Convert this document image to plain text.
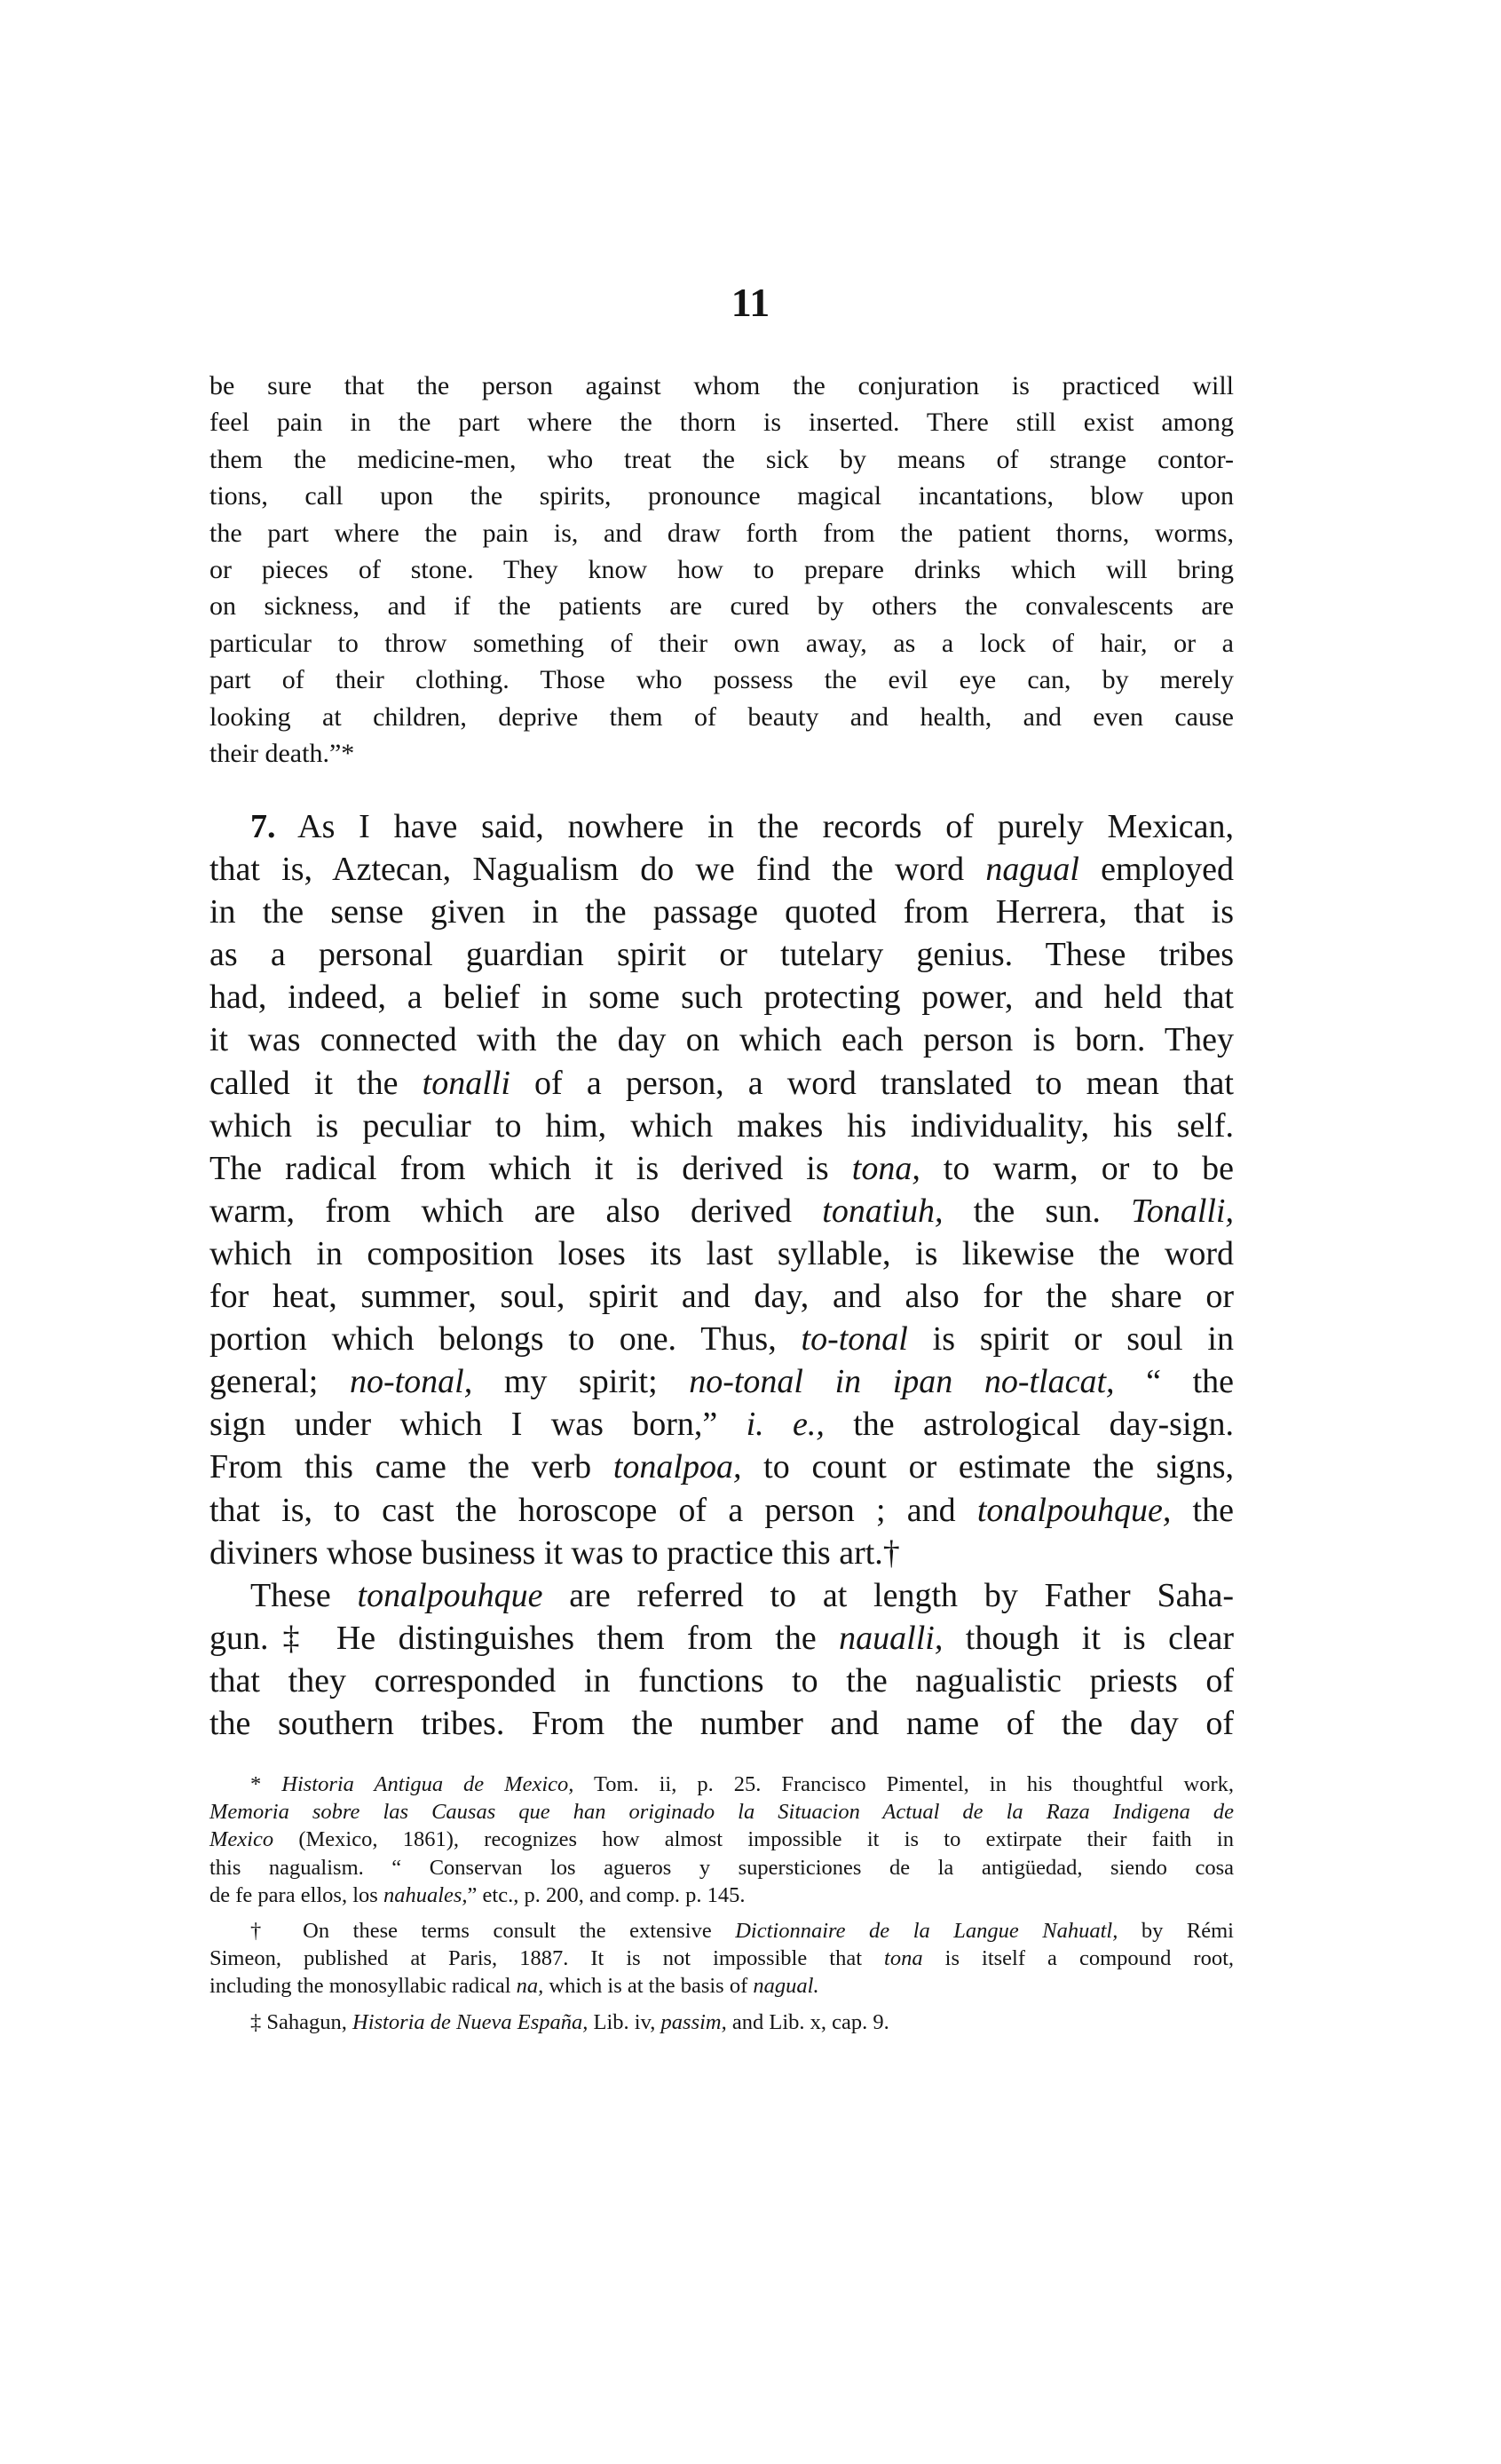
11
be sure that the person against whom the conjuration is practiced will
feel pain in the part where the thorn is inserted. There still exist among
them the medicine-men, who treat the sick by means of strange contor-
tions, call upon the spirits, pronounce magical incantations, blow upon
the part where the pain is, and draw forth from the patient thorns, worms,
or pieces of stone. They know how to prepare drinks which will bring
on sickness, and if the patients are cured by others the convalescents are
particular to throw something of their own away, as a lock of hair, or a
part of their clothing. Those who possess the evil eye can, by merely
looking at children, deprive them of beauty and health, and even cause
their death.”*
7. As I have said, nowhere in the records of purely Mexican,
that is, Aztecan, Nagualism do we find the word nagual employed
in the sense given in the passage quoted from Herrera, that is
as a personal guardian spirit or tutelary genius. These tribes
had, indeed, a belief in some such protecting power, and held that
it was connected with the day on which each person is born. They
called it the tonalli of a person, a word translated to mean that
which is peculiar to him, which makes his individuality, his self.
The radical from which it is derived is tona, to warm, or to be
warm, from which are also derived tonatiuh, the sun. Tonalli,
which in composition loses its last syllable, is likewise the word
for heat, summer, soul, spirit and day, and also for the share or
portion which belongs to one. Thus, to-tonal is spirit or soul in
general; no-tonal, my spirit; no-tonal in ipan no-tlacat, “ the
sign under which I was born,” i. e., the astrological day-sign.
From this came the verb tonalpoa, to count or estimate the signs,
that is, to cast the horoscope of a person ; and tonalpouhque, the
diviners whose business it was to practice this art.†
These tonalpouhque are referred to at length by Father Saha-
gun.‡ He distinguishes them from the naualli, though it is clear
that they corresponded in functions to the nagualistic priests of
the southern tribes. From the number and name of the day of
* Historia Antigua de Mexico, Tom. ii, p. 25. Francisco Pimentel, in his thoughtful work,
Memoria sobre las Causas que han originado la Situacion Actual de la Raza Indigena de
Mexico (Mexico, 1861), recognizes how almost impossible it is to extirpate their faith in
this nagualism. “ Conservan los agueros y supersticiones de la antigüedad, siendo cosa
de fe para ellos, los nahuales,” etc., p. 200, and comp. p. 145.
† On these terms consult the extensive Dictionnaire de la Langue Nahuatl, by Rémi
Simeon, published at Paris, 1887. It is not impossible that tona is itself a compound root,
including the monosyllabic radical na, which is at the basis of nagual.
‡ Sahagun, Historia de Nueva España, Lib. iv, passim, and Lib. x, cap. 9.
